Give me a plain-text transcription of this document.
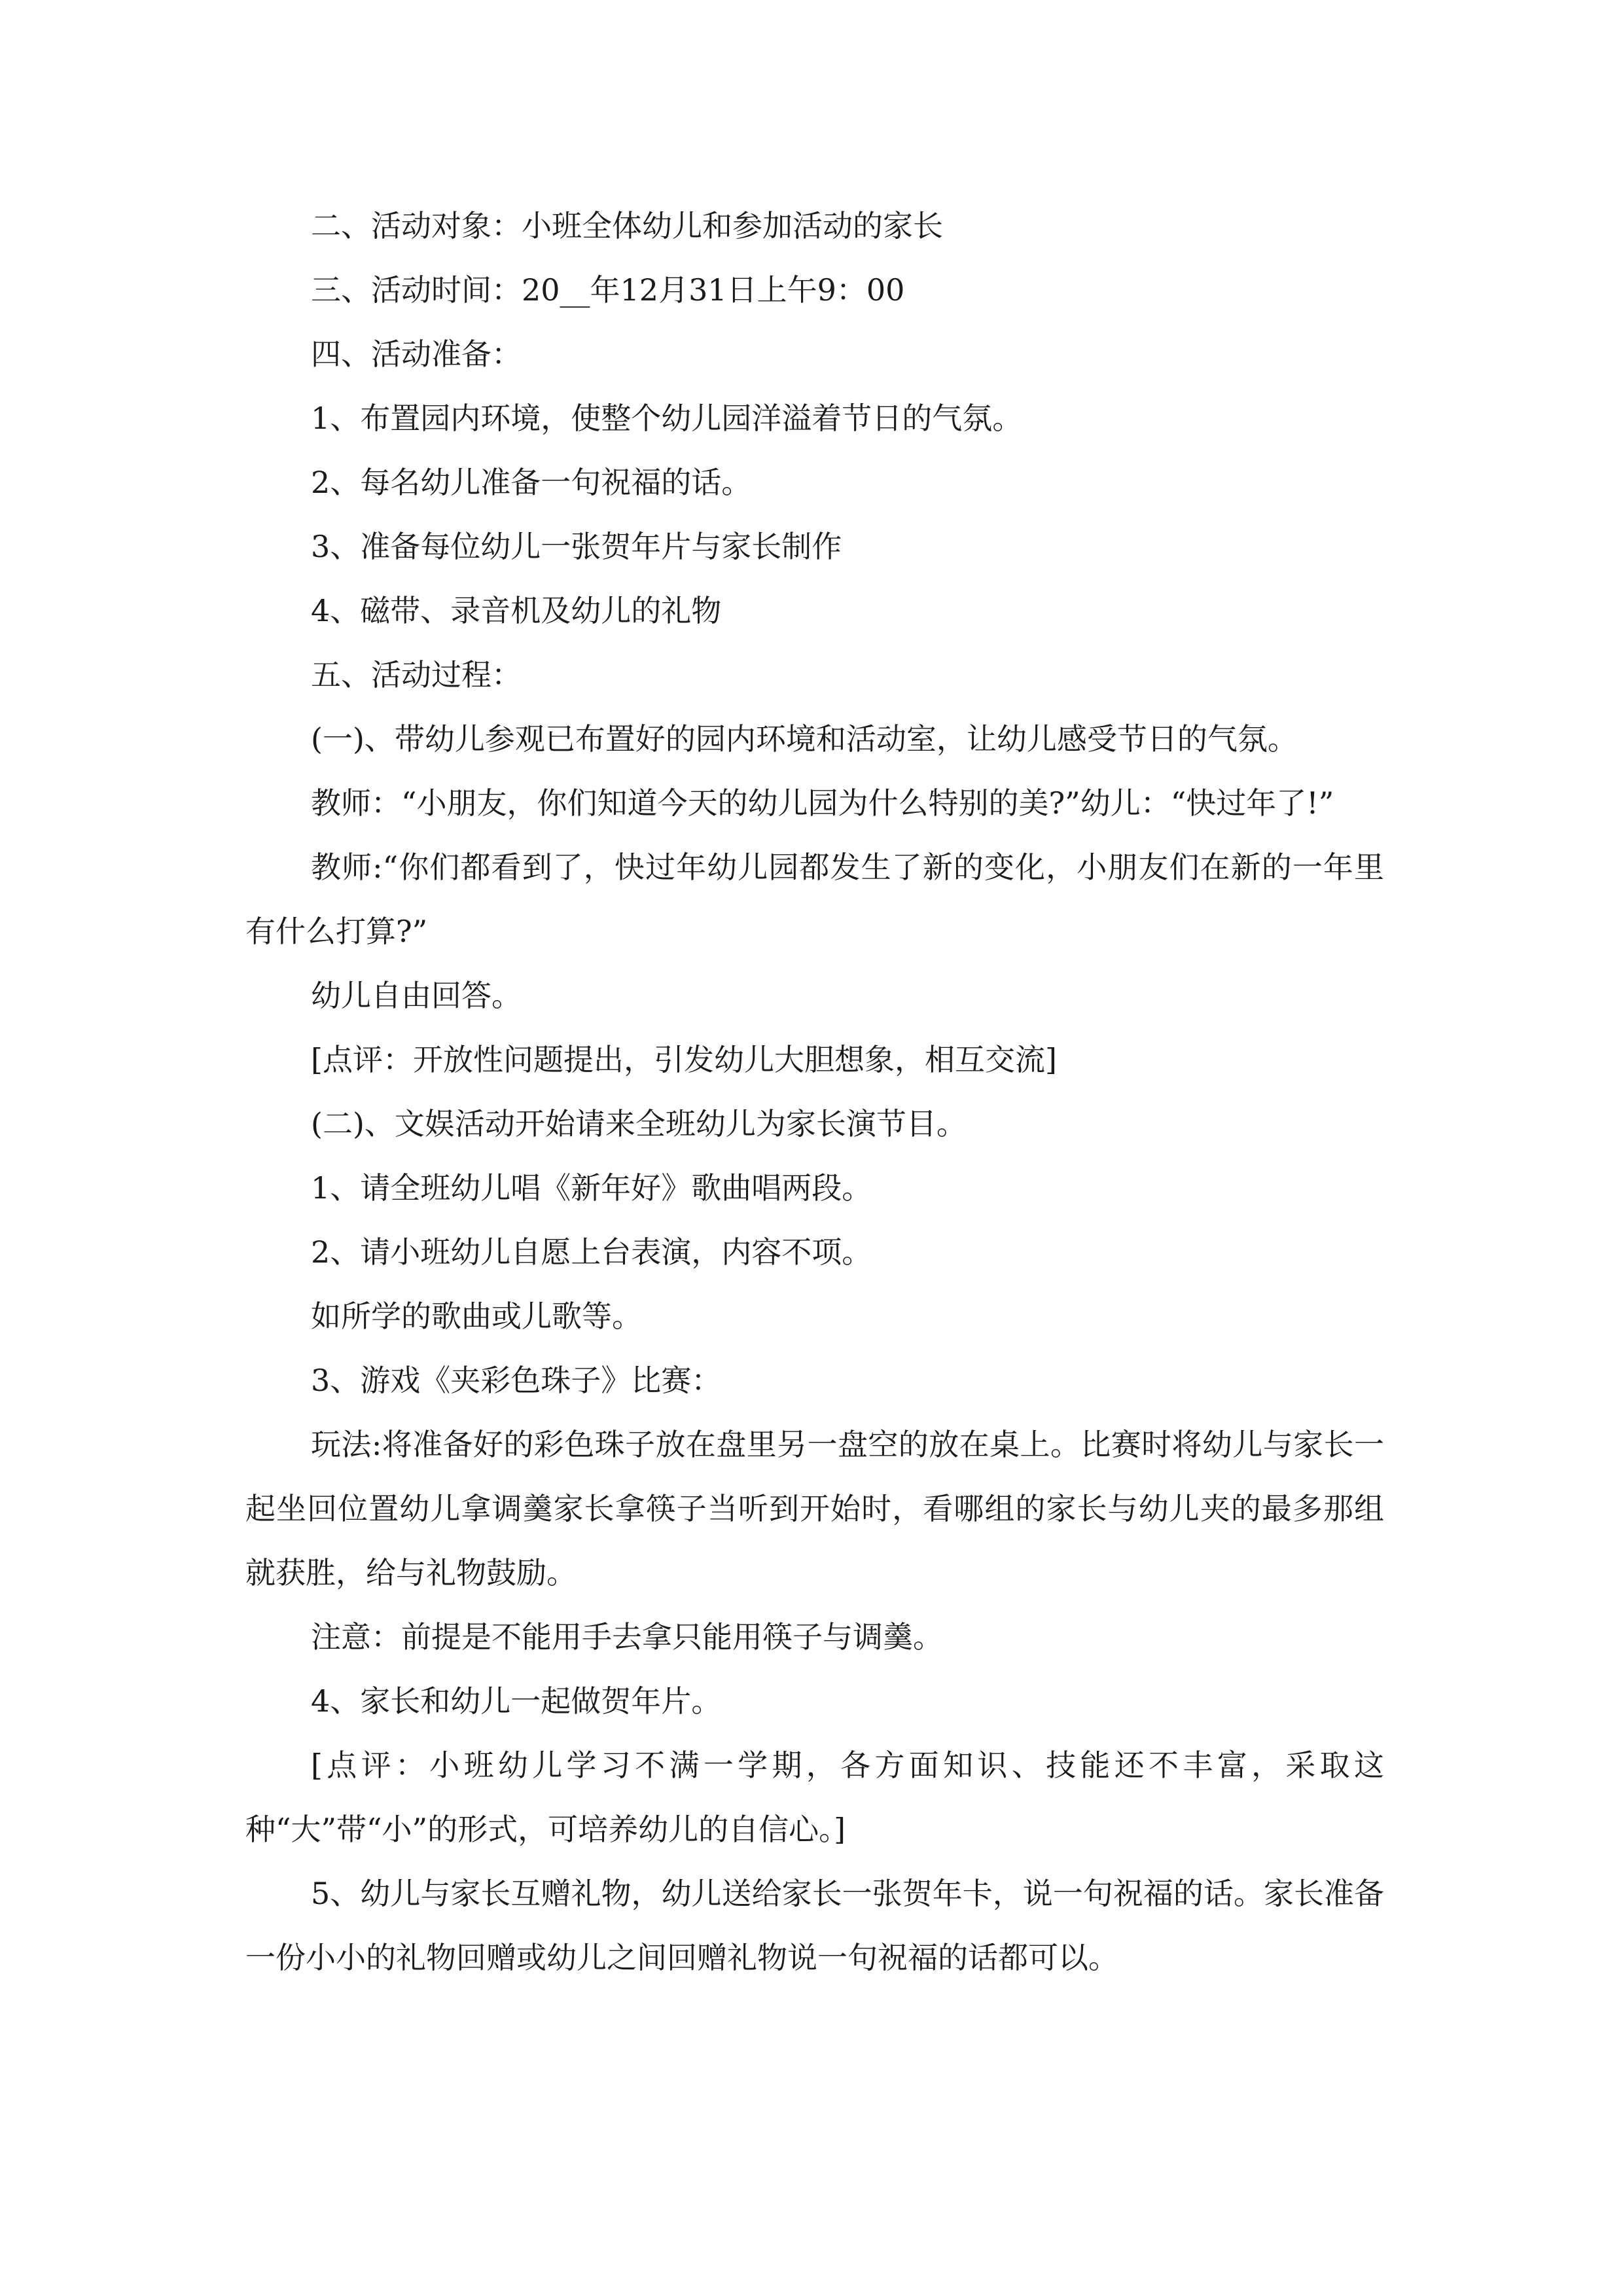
二、活动对象：小班全体幼儿和参加活动的家长

三、活动时间：20__年12月31日上午9：00

四、活动准备：

1、布置园内环境，使整个幼儿园洋溢着节日的气氛。

2、每名幼儿准备一句祝福的话。

3、准备每位幼儿一张贺年片与家长制作

4、磁带、录音机及幼儿的礼物

五、活动过程：

(一)、带幼儿参观已布置好的园内环境和活动室，让幼儿感受节日的气氛。

教师：“小朋友，你们知道今天的幼儿园为什么特别的美?”幼儿：“快过年了!”

教师:“你们都看到了，快过年幼儿园都发生了新的变化，小朋友们在新的一年里有什么打算?”

幼儿自由回答。

[点评：开放性问题提出，引发幼儿大胆想象，相互交流]

(二)、文娱活动开始请来全班幼儿为家长演节目。

1、请全班幼儿唱《新年好》歌曲唱两段。

2、请小班幼儿自愿上台表演，内容不项。

如所学的歌曲或儿歌等。

3、游戏《夹彩色珠子》比赛：

玩法:将准备好的彩色珠子放在盘里另一盘空的放在桌上。比赛时将幼儿与家长一起坐回位置幼儿拿调羹家长拿筷子当听到开始时，看哪组的家长与幼儿夹的最多那组就获胜，给与礼物鼓励。

注意：前提是不能用手去拿只能用筷子与调羹。

4、家长和幼儿一起做贺年片。

[点评：小班幼儿学习不满一学期，各方面知识、技能还不丰富，采取这种“大”带“小”的形式，可培养幼儿的自信心。]

5、幼儿与家长互赠礼物，幼儿送给家长一张贺年卡，说一句祝福的话。家长准备一份小小的礼物回赠或幼儿之间回赠礼物说一句祝福的话都可以。
